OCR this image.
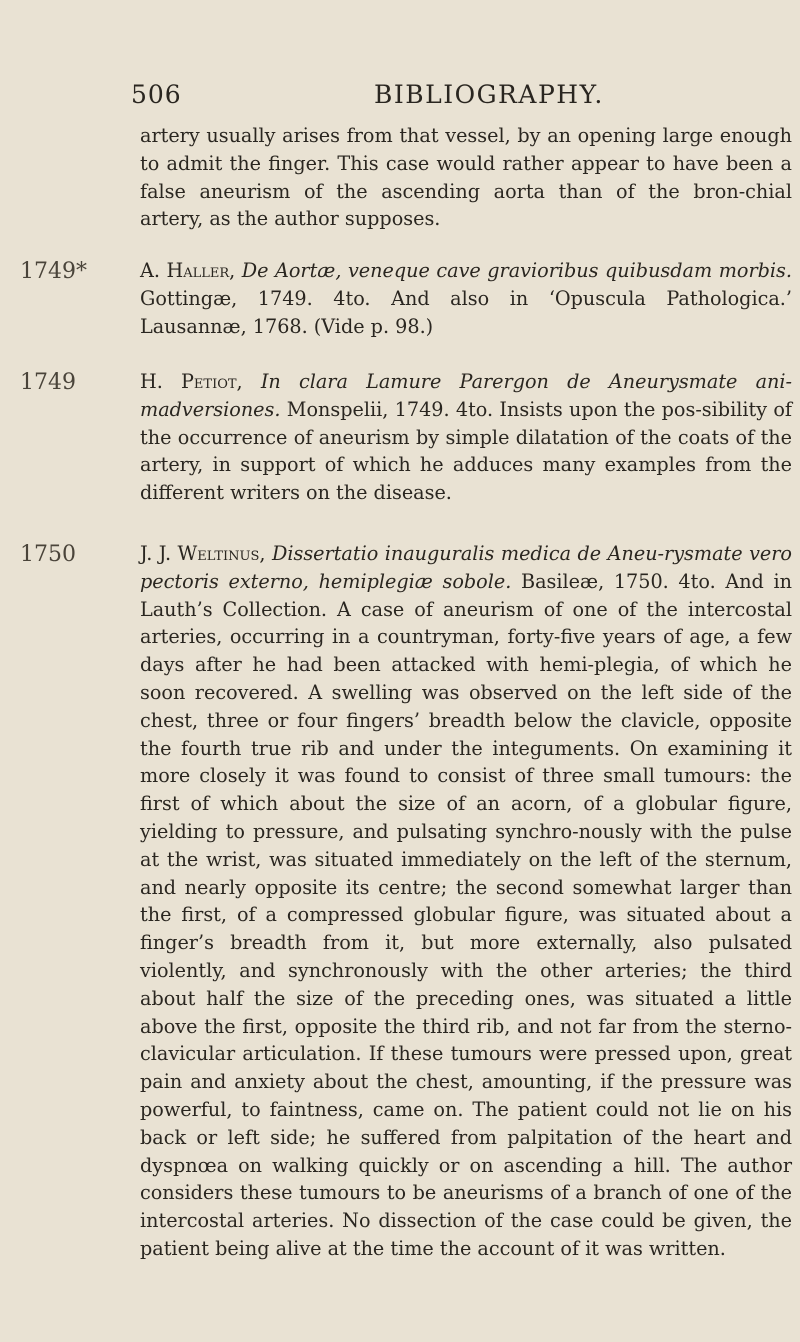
506	BIBLIOGRAPHY.
artery usually arises from that vessel, by an opening large enough to admit the finger. This case would rather appear to have been a false aneurism of the ascending aorta than of the bron-chial artery, as the author supposes.
1749*	A. Haller, De Aortæ, veneque cave gravioribus quibusdam morbis. Gottingæ, 1749. 4to. And also in ‘Opuscula Pathologica.’ Lausannæ, 1768. (Vide p. 98.)
1749	H. Petiot, In clara Lamure Parergon de Aneurysmate ani-madversiones. Monspelii, 1749. 4to. Insists upon the pos-sibility of the occurrence of aneurism by simple dilatation of the coats of the artery, in support of which he adduces many examples from the different writers on the disease.
1750	J. J. Weltinus, Dissertatio inauguralis medica de Aneu-rysmate vero pectoris externo, hemiplegiæ sobole. Basileæ, 1750. 4to. And in Lauth’s Collection. A case of aneurism of one of the intercostal arteries, occurring in a countryman, forty-five years of age, a few days after he had been attacked with hemi-plegia, of which he soon recovered. A swelling was observed on the left side of the chest, three or four fingers’ breadth below the clavicle, opposite the fourth true rib and under the integuments. On examining it more closely it was found to consist of three small tumours: the first of which about the size of an acorn, of a globular figure, yielding to pressure, and pulsating synchro-nously with the pulse at the wrist, was situated immediately on the left of the sternum, and nearly opposite its centre; the second somewhat larger than the first, of a compressed globular figure, was situated about a finger’s breadth from it, but more externally, also pulsated violently, and synchronously with the other arteries; the third about half the size of the preceding ones, was situated a little above the first, opposite the third rib, and not far from the sterno-clavicular articulation. If these tumours were pressed upon, great pain and anxiety about the chest, amounting, if the pressure was powerful, to faintness, came on. The patient could not lie on his back or left side; he suffered from palpitation of the heart and dyspnœa on walking quickly or on ascending a hill. The author considers these tumours to be aneurisms of a branch of one of the intercostal arteries. No dissection of the case could be given, the patient being alive at the time the account of it was written.
